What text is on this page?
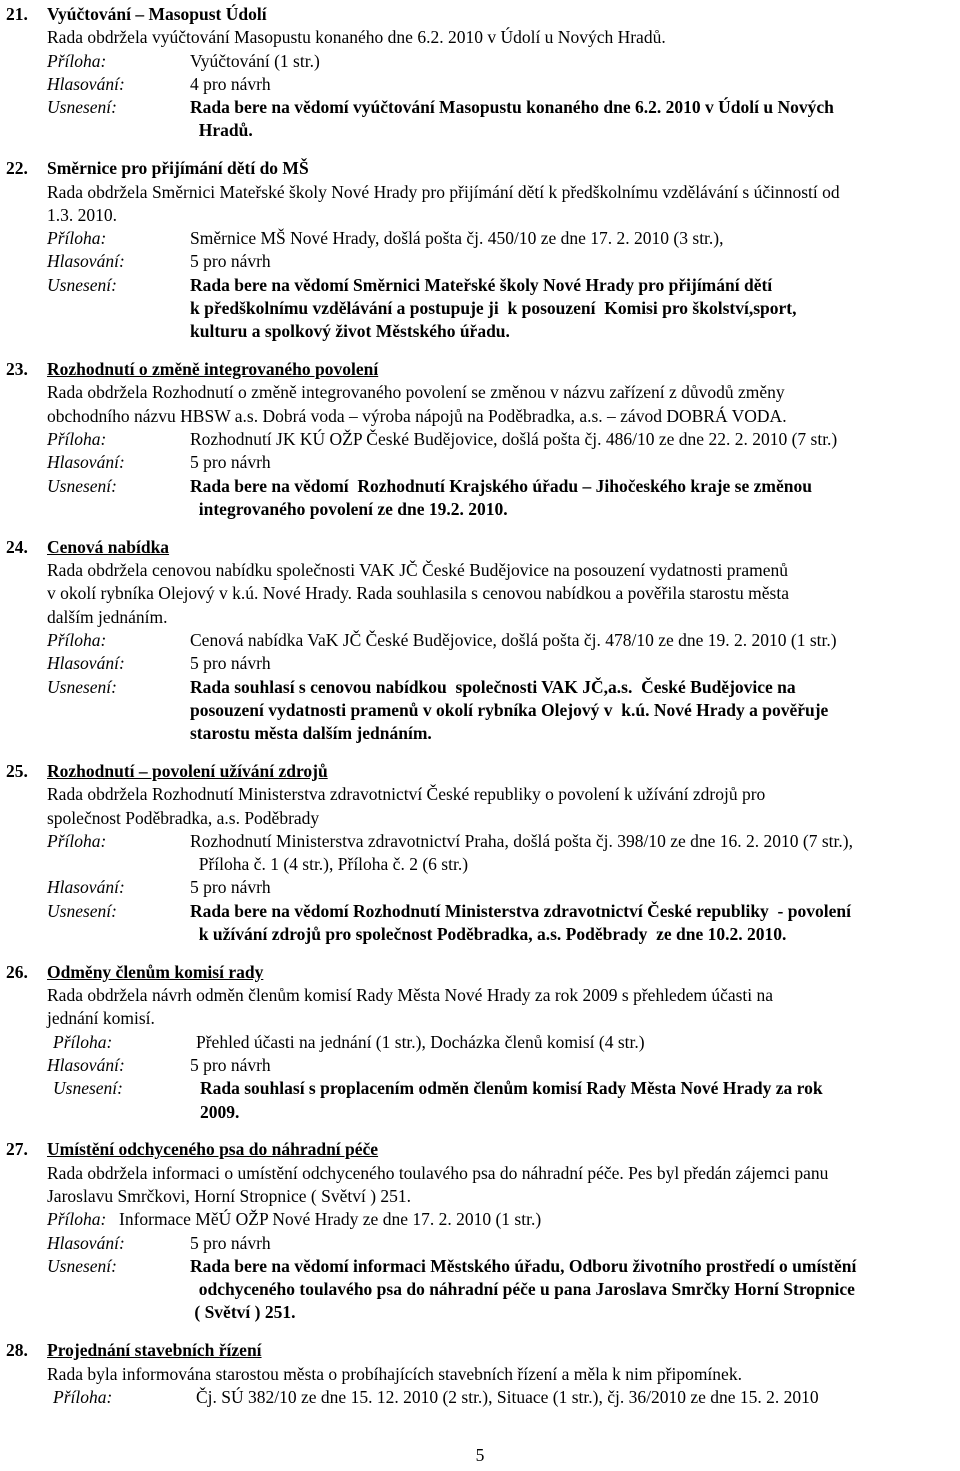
21. Vyúčtování – Masopust Údolí
Rada obdržela vyúčtování Masopustu konaného dne 6.2. 2010 v Údolí u Nových Hradů.
Příloha:	Vyúčtování (1 str.)
Hlasování:	4 pro návrh
Usnesení:	Rada bere na vědomí vyúčtování Masopustu konaného dne 6.2. 2010 v Údolí u Nových
Hradů.
22. Směrnice pro přijímání dětí do MŠ
Rada obdržela Směrnici Mateřské školy Nové Hrady pro přijímání dětí k předškolnímu vzdělávání s účinností od
1.3. 2010.
Příloha:	Směrnice MŠ Nové Hrady, došlá pošta čj. 450/10 ze dne 17. 2. 2010 (3 str.),
Hlasování:	5 pro návrh
Usnesení:	Rada bere na vědomí Směrnici Mateřské školy Nové Hrady pro přijímání dětí
k předškolnímu vzdělávání a postupuje ji  k posouzení  Komisi pro školství,sport,
kulturu a spolkový život Městského úřadu.
23. Rozhodnutí o změně integrovaného povolení
Rada obdržela Rozhodnutí o změně integrovaného povolení se změnou v názvu zařízení z důvodů změny
obchodního názvu HBSW a.s. Dobrá voda – výroba nápojů na Poděbradka, a.s. – závod DOBRÁ VODA.
Příloha:	Rozhodnutí JK KÚ OŽP České Budějovice, došlá pošta čj. 486/10 ze dne 22. 2. 2010 (7 str.)
Hlasování:	5 pro návrh
Usnesení:	Rada bere na vědomí  Rozhodnutí Krajského úřadu – Jihočeského kraje se změnou
integrovaného povolení ze dne 19.2. 2010.
24. Cenová nabídka
Rada obdržela cenovou nabídku společnosti VAK JČ České Budějovice na posouzení vydatnosti pramenů
v okolí rybníka Olejový v k.ú. Nové Hrady. Rada souhlasila s cenovou nabídkou a pověřila starostu města
dalším jednáním.
Příloha:	Cenová nabídka VaK JČ České Budějovice, došlá pošta čj. 478/10 ze dne 19. 2. 2010 (1 str.)
Hlasování:	5 pro návrh
Usnesení:	Rada souhlasí s cenovou nabídkou  společnosti VAK JČ,a.s.  České Budějovice na
posouzení vydatnosti pramenů v okolí rybníka Olejový v  k.ú. Nové Hrady a pověřuje
starostu města dalším jednáním.
25. Rozhodnutí – povolení užívání zdrojů
Rada obdržela Rozhodnutí Ministerstva zdravotnictví České republiky o povolení k užívání zdrojů pro
společnost Poděbradka, a.s. Poděbrady
Příloha:	Rozhodnutí Ministerstva zdravotnictví Praha, došlá pošta čj. 398/10 ze dne 16. 2. 2010 (7 str.),
Příloha č. 1 (4 str.), Příloha č. 2 (6 str.)
Hlasování:	5 pro návrh
Usnesení:	Rada bere na vědomí Rozhodnutí Ministerstva zdravotnictví České republiky  - povolení
k užívání zdrojů pro společnost Poděbradka, a.s. Poděbrady  ze dne 10.2. 2010.
26. Odměny členům komisí rady
Rada obdržela návrh odměn členům komisí Rady Města Nové Hrady za rok 2009 s přehledem účasti na
jednání komisí.
Příloha:	Přehled účasti na jednání (1 str.), Docházka členů komisí (4 str.)
Hlasování:	5 pro návrh
Usnesení:	Rada souhlasí s proplacením odměn členům komisí Rady Města Nové Hrady za rok
2009.
27. Umístění odchyceného psa do náhradní péče
Rada obdržela informaci o umístění odchyceného toulavého psa do náhradní péče. Pes byl předán zájemci panu
Jaroslavu Smrčkovi, Horní Stropnice ( Světví ) 251.
Příloha: Informace MěÚ OŽP Nové Hrady ze dne 17. 2. 2010 (1 str.)
Hlasování:	5 pro návrh
Usnesení:	Rada bere na vědomí informaci Městského úřadu, Odboru životního prostředí o umístění
odchyceného toulavého psa do náhradní péče u pana Jaroslava Smrčky Horní Stropnice
( Světví ) 251.
28. Projednání stavebních řízení
Rada byla informována starostou města o probíhajících stavebních řízení a měla k nim připomínek.
Příloha:	Čj. SÚ 382/10 ze dne 15. 12. 2010 (2 str.), Situace (1 str.), čj. 36/2010 ze dne 15. 2. 2010
5
